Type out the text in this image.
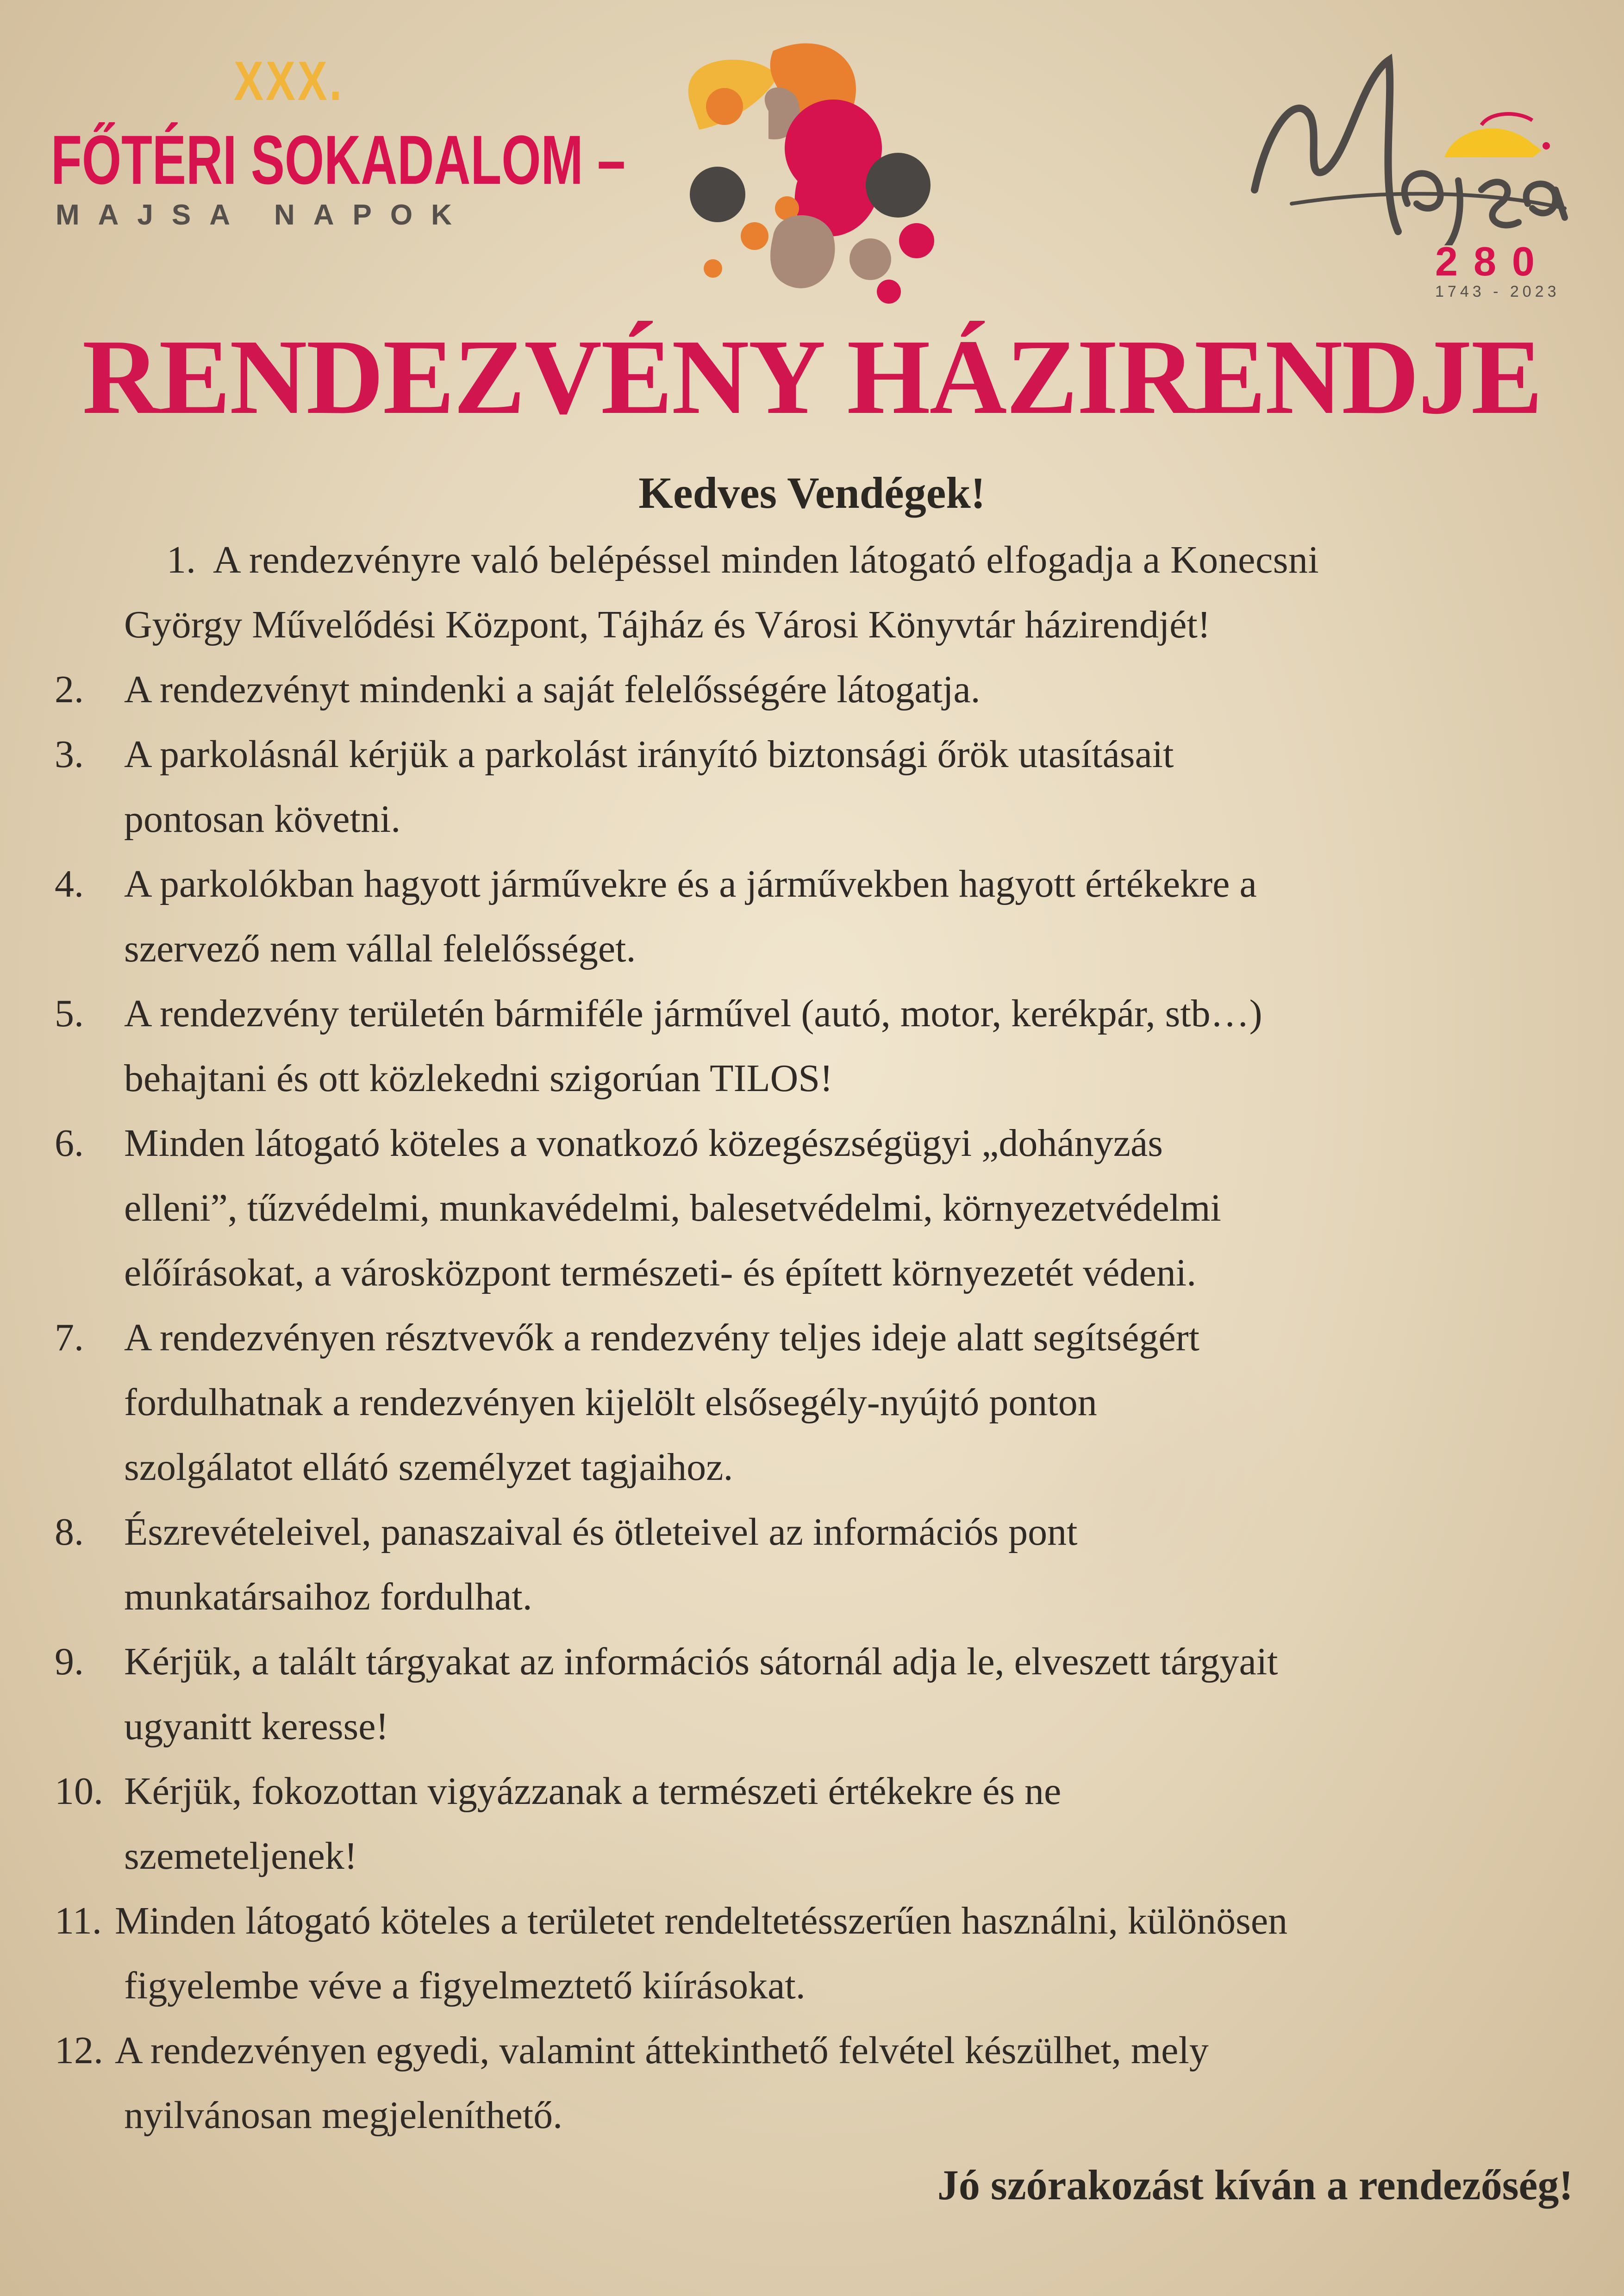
XXX.
FŐTÉRI SOKADALOM –
MAJSA NAPOK
280
1743 - 2023
RENDEZVÉNY HÁZIRENDJE
Kedves Vendégek!
1. A rendezvényre való belépéssel minden látogató elfogadja a Konecsni
György Művelődési Központ, Tájház és Városi Könyvtár házirendjét!
2. A rendezvényt mindenki a saját felelősségére látogatja.
3. A parkolásnál kérjük a parkolást irányító biztonsági őrök utasításait
pontosan követni.
4. A parkolókban hagyott járművekre és a járművekben hagyott értékekre a
szervező nem vállal felelősséget.
5. A rendezvény területén bármiféle járművel (autó, motor, kerékpár, stb…)
behajtani és ott közlekedni szigorúan TILOS!
6. Minden látogató köteles a vonatkozó közegészségügyi „dohányzás
elleni”, tűzvédelmi, munkavédelmi, balesetvédelmi, környezetvédelmi
előírásokat, a városközpont természeti- és épített környezetét védeni.
7. A rendezvényen résztvevők a rendezvény teljes ideje alatt segítségért
fordulhatnak a rendezvényen kijelölt elsősegély-nyújtó ponton
szolgálatot ellátó személyzet tagjaihoz.
8. Észrevételeivel, panaszaival és ötleteivel az információs pont
munkatársaihoz fordulhat.
9. Kérjük, a talált tárgyakat az információs sátornál adja le, elveszett tárgyait
ugyanitt keresse!
10. Kérjük, fokozottan vigyázzanak a természeti értékekre és ne
szemeteljenek!
11. Minden látogató köteles a területet rendeltetésszerűen használni, különösen
figyelembe véve a figyelmeztető kiírásokat.
12. A rendezvényen egyedi, valamint áttekinthető felvétel készülhet, mely
nyilvánosan megjeleníthető.
Jó szórakozást kíván a rendezőség!
